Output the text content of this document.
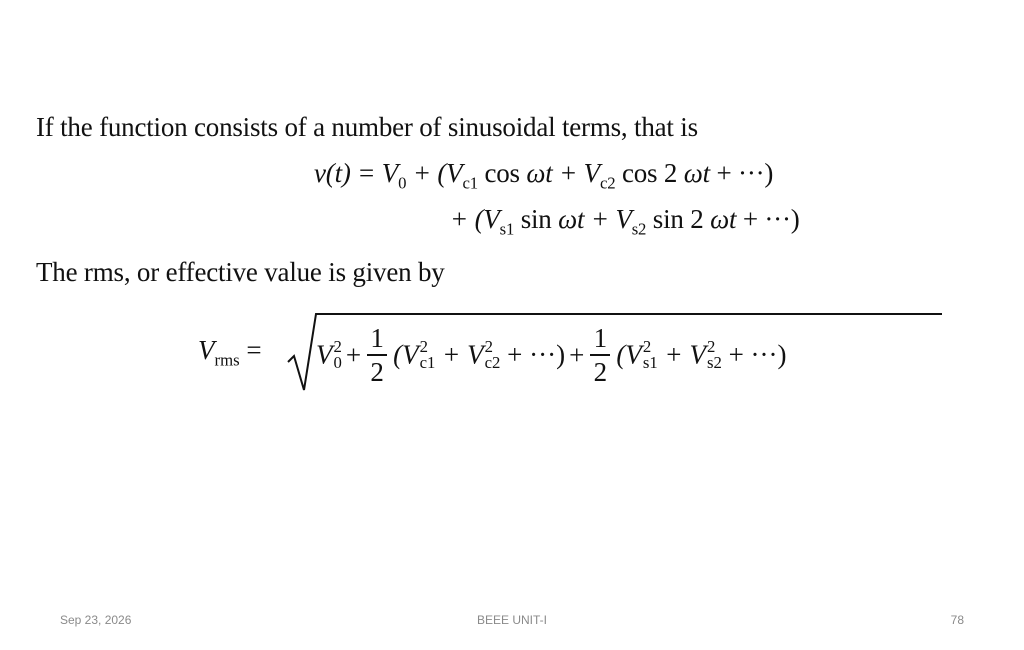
If the function consists of a number of sinusoidal terms, that is
$v(t) = V_0 + (V_{c1}$ $\cos \omega t + V_{c2}$ cos 2 ωt + ···)
+ ($V_{s1}$ $\sin \omega t + V_{s2}$ sin 2 ωt + ···)
The rms, or effective value is given by
$V_{rms} = V$ 2
$0 + \frac{1}{2} (V$ 2
c1 + V 2
c2 + ···) + $\frac{1}{2} (V$ 2
s1 + V 2
s2 + ···)
Sep 23, 2026	BEEE UNIT-I	78
